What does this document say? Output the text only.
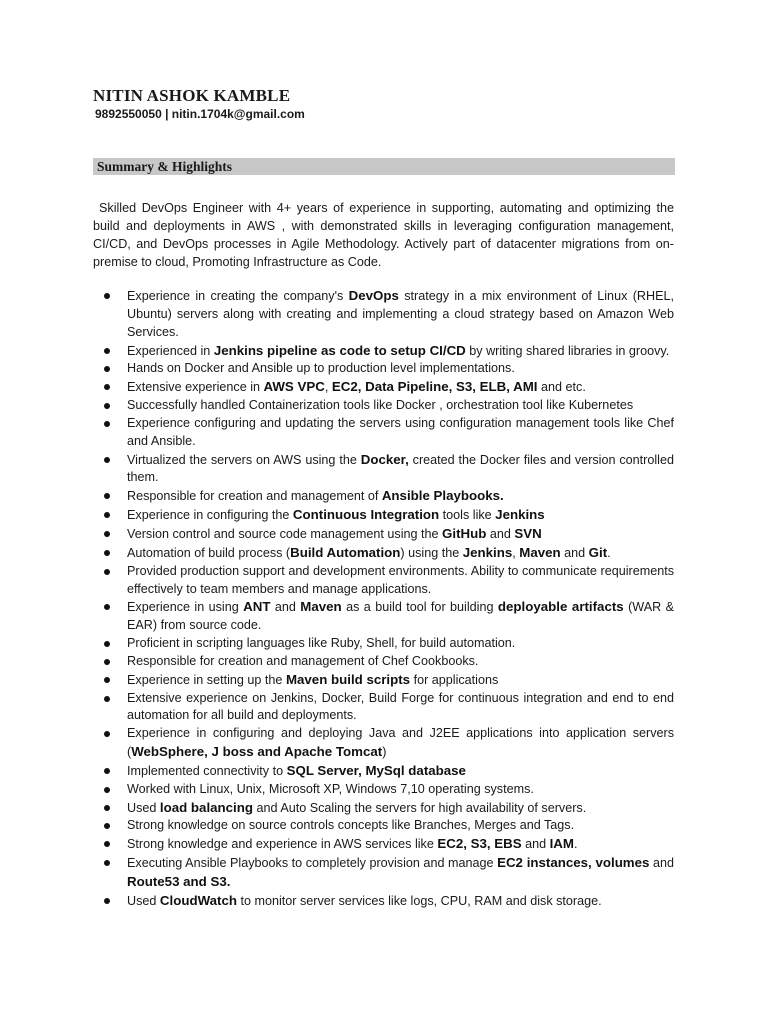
NITIN ASHOK KAMBLE
9892550050 | nitin.1704k@gmail.com
Summary & Highlights

Skilled DevOps Engineer with 4+ years of experience in supporting, automating and optimizing the build and deployments in AWS , with demonstrated skills in leveraging configuration management, CI/CD, and DevOps processes in Agile Methodology. Actively part of datacenter migrations from on-premise to cloud, Promoting Infrastructure as Code.

Experience in creating the company's DevOps strategy in a mix environment of Linux (RHEL, Ubuntu) servers along with creating and implementing a cloud strategy based on Amazon Web Services.
Experienced in Jenkins pipeline as code to setup CI/CD by writing shared libraries in groovy.
Hands on Docker and Ansible up to production level implementations.
Extensive experience in AWS VPC, EC2, Data Pipeline, S3, ELB, AMI and etc.
Successfully handled Containerization tools like Docker , orchestration tool like Kubernetes
Experience configuring and updating the servers using configuration management tools like Chef and Ansible.
Virtualized the servers on AWS using the Docker, created the Docker files and version controlled them.
Responsible for creation and management of Ansible Playbooks.
Experience in configuring the Continuous Integration tools like Jenkins
Version control and source code management using the GitHub and SVN
Automation of build process (Build Automation) using the Jenkins, Maven and Git.
Provided production support and development environments. Ability to communicate requirements effectively to team members and manage applications.
Experience in using ANT and Maven as a build tool for building deployable artifacts (WAR & EAR) from source code.
Proficient in scripting languages like Ruby, Shell, for build automation.
Responsible for creation and management of Chef Cookbooks.
Experience in setting up the Maven build scripts for applications
Extensive experience on Jenkins, Docker, Build Forge for continuous integration and end to end automation for all build and deployments.
Experience in configuring and deploying Java and J2EE applications into application servers (WebSphere, J boss and Apache Tomcat)
Implemented connectivity to SQL Server, MySql database
Worked with Linux, Unix, Microsoft XP, Windows 7,10 operating systems.
Used load balancing and Auto Scaling the servers for high availability of servers.
Strong knowledge on source controls concepts like Branches, Merges and Tags.
Strong knowledge and experience in AWS services like EC2, S3, EBS and IAM.
Executing Ansible Playbooks to completely provision and manage EC2 instances, volumes and Route53 and S3.
Used CloudWatch to monitor server services like logs, CPU, RAM and disk storage.
